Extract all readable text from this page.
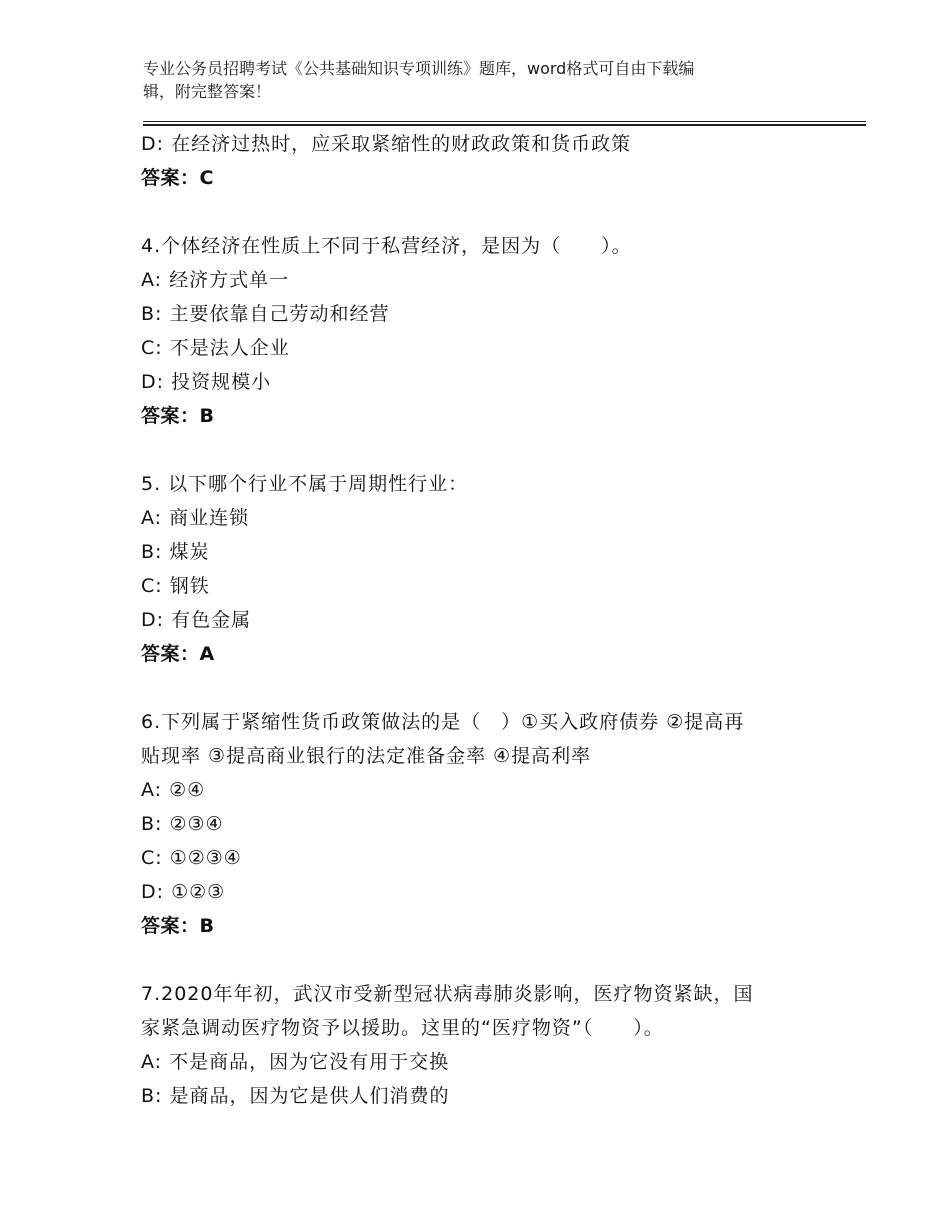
专业公务员招聘考试《公共基础知识专项训练》题库，word格式可自由下载编
辑，附完整答案！
D: 在经济过热时，应采取紧缩性的财政政策和货币政策
答案：C
4.个体经济在性质上不同于私营经济，是因为（　　）。
A: 经济方式单一
B: 主要依靠自己劳动和经营
C: 不是法人企业
D: 投资规模小
答案：B
5. 以下哪个行业不属于周期性行业：
A: 商业连锁
B: 煤炭
C: 钢铁
D: 有色金属
答案：A
6.下列属于紧缩性货币政策做法的是（　）①买入政府债券 ②提高再
贴现率 ③提高商业银行的法定准备金率 ④提高利率
A: ②④
B: ②③④
C: ①②③④
D: ①②③
答案：B
7.2020年年初，武汉市受新型冠状病毒肺炎影响，医疗物资紧缺，国
家紧急调动医疗物资予以援助。这里的“医疗物资”（　　）。
A: 不是商品，因为它没有用于交换
B: 是商品，因为它是供人们消费的
